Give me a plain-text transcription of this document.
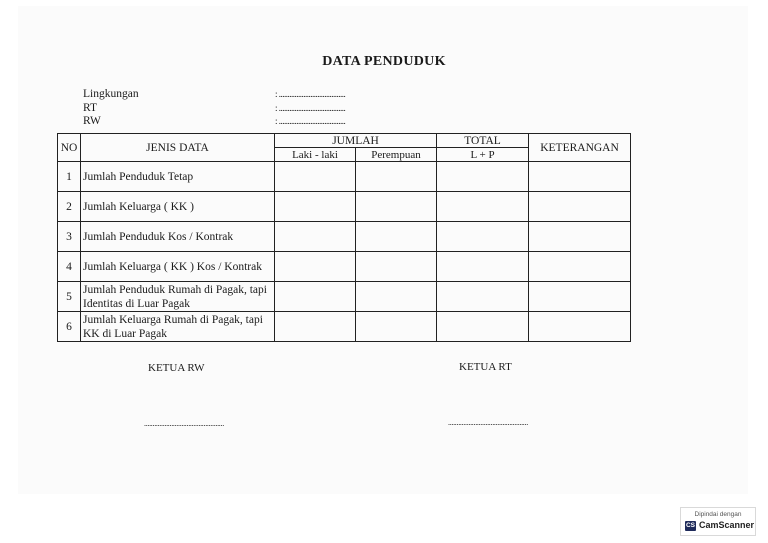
DATA PENDUDUK
Lingkungan	: ......................................
RT	: ......................................
RW	: ......................................
NO	JENIS DATA	JUMLAH		TOTAL	KETERANGAN
		Laki - laki	Perempuan	L + P	
1	Jumlah Penduduk Tetap				
2	Jumlah Keluarga ( KK )				
3	Jumlah Penduduk Kos / Kontrak				
4	Jumlah Keluarga ( KK ) Kos / Kontrak				
5	Jumlah Penduduk Rumah di Pagak, tapi Identitas di Luar Pagak				
6	Jumlah Keluarga Rumah di Pagak, tapi KK di Luar Pagak				
KETUA RW	KETUA RT
...............................................	...............................................
Dipindai dengan
CS CamScanner
